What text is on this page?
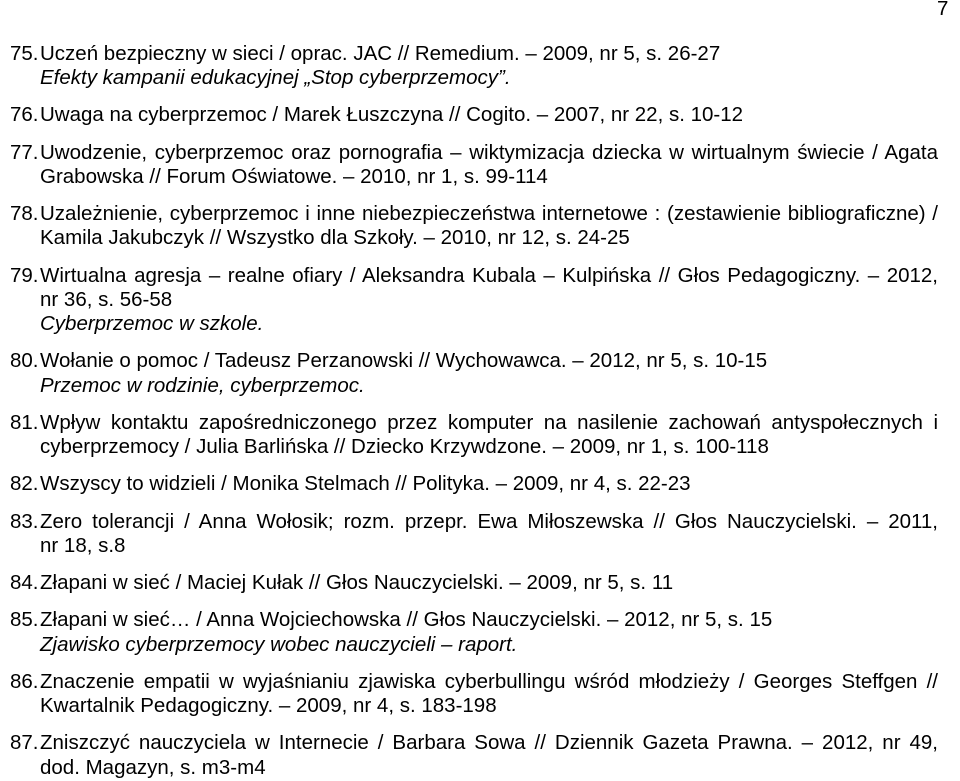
7
75. Uczeń bezpieczny w sieci / oprac. JAC // Remedium. – 2009, nr 5, s. 26-27
Efekty kampanii edukacyjnej „Stop cyberprzemocy”.
76. Uwaga na cyberprzemoc / Marek Łuszczyna // Cogito. – 2007, nr 22, s. 10-12
77. Uwodzenie, cyberprzemoc oraz pornografia – wiktymizacja dziecka w wirtualnym świecie / Agata
Grabowska // Forum Oświatowe. – 2010, nr 1, s. 99-114
78. Uzależnienie, cyberprzemoc i inne niebezpieczeństwa internetowe : (zestawienie bibliograficzne) /
Kamila Jakubczyk // Wszystko dla Szkoły. – 2010, nr 12, s. 24-25
79. Wirtualna agresja – realne ofiary / Aleksandra Kubala – Kulpińska // Głos Pedagogiczny. – 2012,
nr 36, s. 56-58
Cyberprzemoc w szkole.
80. Wołanie o pomoc / Tadeusz Perzanowski // Wychowawca. – 2012, nr 5, s. 10-15
Przemoc w rodzinie, cyberprzemoc.
81. Wpływ kontaktu zapośredniczonego przez komputer na nasilenie zachowań antyspołecznych i
cyberprzemocy / Julia Barlińska // Dziecko Krzywdzone. – 2009, nr 1, s. 100-118
82. Wszyscy to widzieli / Monika Stelmach // Polityka. – 2009, nr 4, s. 22-23
83. Zero tolerancji / Anna Wołosik; rozm. przepr. Ewa Miłoszewska // Głos Nauczycielski. – 2011,
nr 18, s.8
84. Złapani w sieć / Maciej Kułak // Głos Nauczycielski. – 2009, nr 5, s. 11
85. Złapani w sieć… / Anna Wojciechowska // Głos Nauczycielski. – 2012, nr 5, s. 15
Zjawisko cyberprzemocy wobec nauczycieli – raport.
86. Znaczenie empatii w wyjaśnianiu zjawiska cyberbullingu wśród młodzieży / Georges Steffgen //
Kwartalnik Pedagogiczny. – 2009, nr 4, s. 183-198
87. Zniszczyć nauczyciela w Internecie / Barbara Sowa // Dziennik Gazeta Prawna. – 2012, nr 49,
dod. Magazyn, s. m3-m4
